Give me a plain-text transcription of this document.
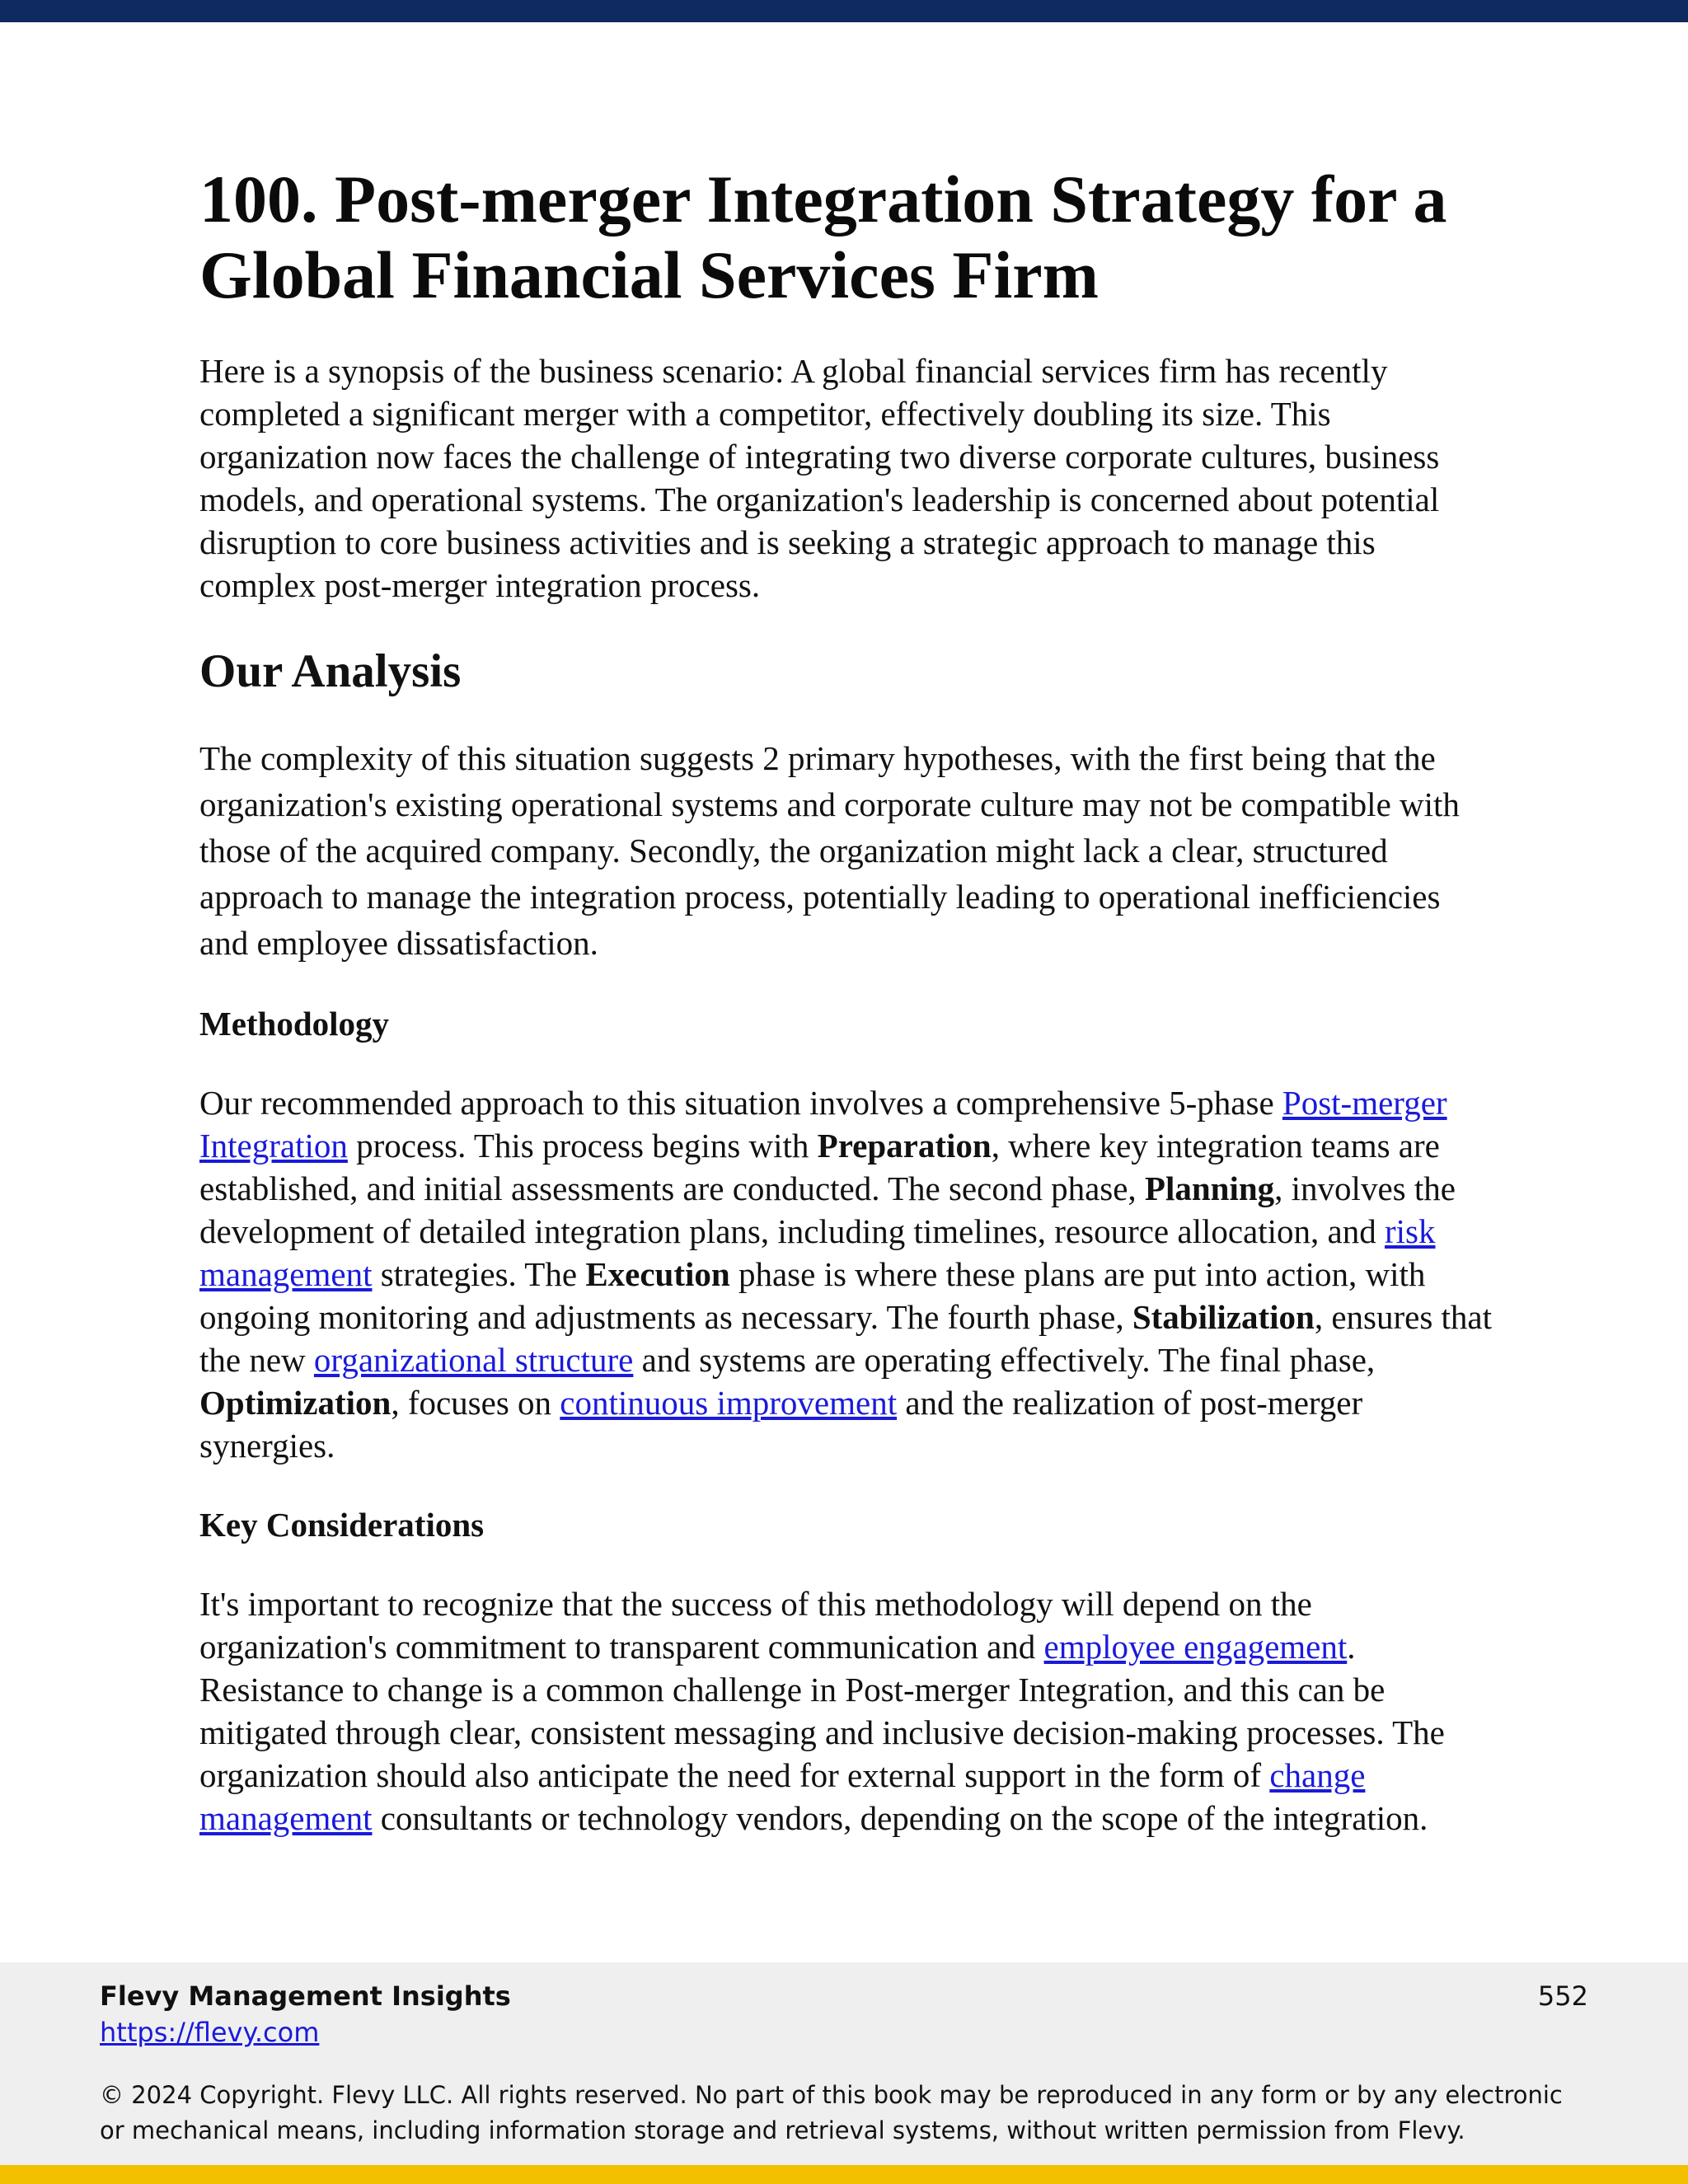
100. Post-merger Integration Strategy for a Global Financial Services Firm

Here is a synopsis of the business scenario: A global financial services firm has recently completed a significant merger with a competitor, effectively doubling its size. This organization now faces the challenge of integrating two diverse corporate cultures, business models, and operational systems. The organization's leadership is concerned about potential disruption to core business activities and is seeking a strategic approach to manage this complex post-merger integration process.

Our Analysis

The complexity of this situation suggests 2 primary hypotheses, with the first being that the organization's existing operational systems and corporate culture may not be compatible with those of the acquired company. Secondly, the organization might lack a clear, structured approach to manage the integration process, potentially leading to operational inefficiencies and employee dissatisfaction.

Methodology

Our recommended approach to this situation involves a comprehensive 5-phase Post-merger Integration process. This process begins with Preparation, where key integration teams are established, and initial assessments are conducted. The second phase, Planning, involves the development of detailed integration plans, including timelines, resource allocation, and risk management strategies. The Execution phase is where these plans are put into action, with ongoing monitoring and adjustments as necessary. The fourth phase, Stabilization, ensures that the new organizational structure and systems are operating effectively. The final phase, Optimization, focuses on continuous improvement and the realization of post-merger synergies.

Key Considerations

It's important to recognize that the success of this methodology will depend on the organization's commitment to transparent communication and employee engagement. Resistance to change is a common challenge in Post-merger Integration, and this can be mitigated through clear, consistent messaging and inclusive decision-making processes. The organization should also anticipate the need for external support in the form of change management consultants or technology vendors, depending on the scope of the integration.

Flevy Management Insights
https://flevy.com
552
© 2024 Copyright. Flevy LLC. All rights reserved. No part of this book may be reproduced in any form or by any electronic or mechanical means, including information storage and retrieval systems, without written permission from Flevy.
